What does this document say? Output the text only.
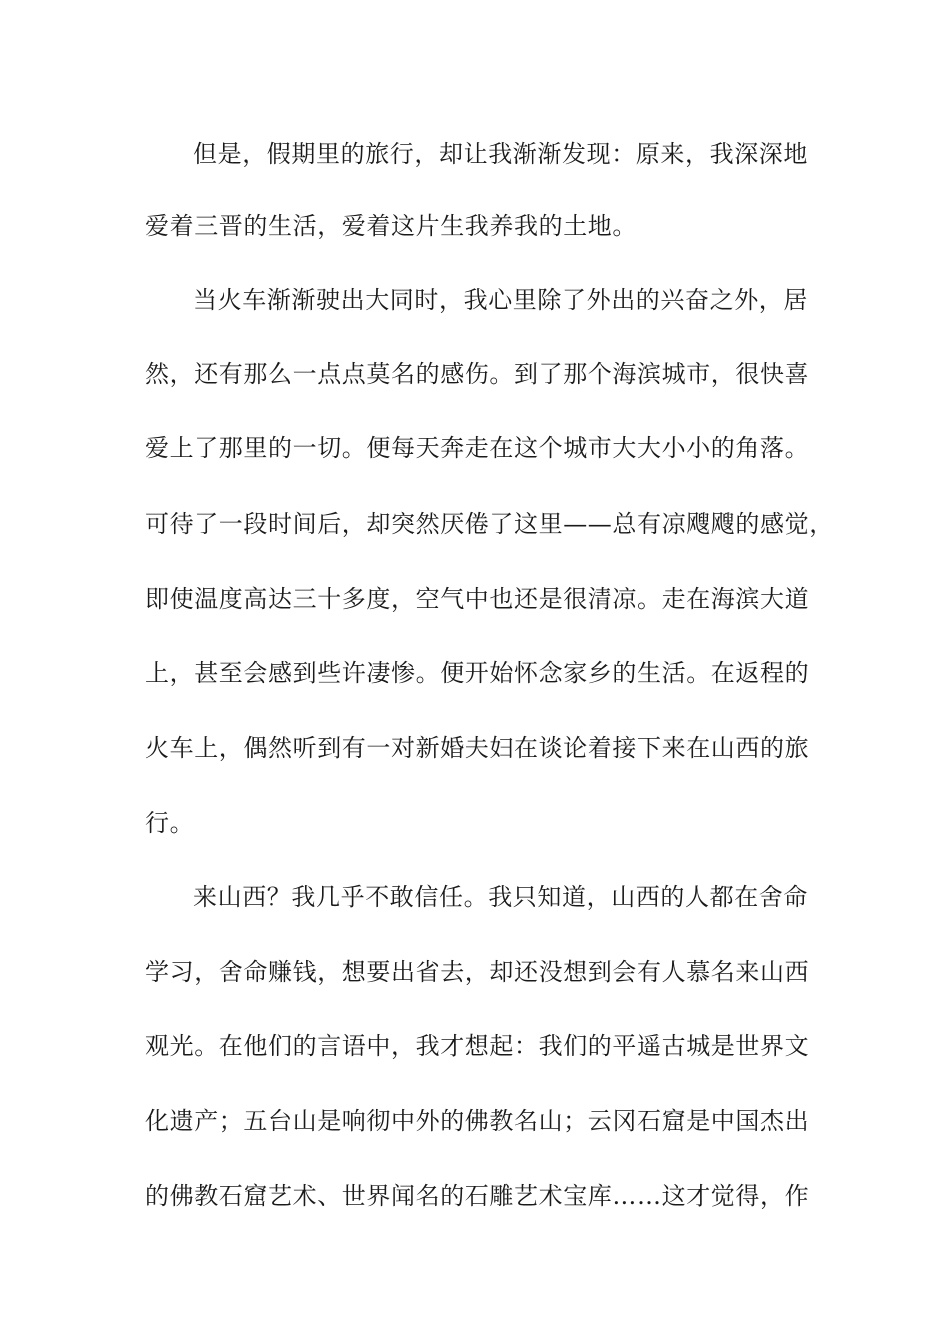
但是，假期里的旅行，却让我渐渐发现：原来，我深深地
爱着三晋的生活，爱着这片生我养我的土地。
当火车渐渐驶出大同时，我心里除了外出的兴奋之外，居
然，还有那么一点点莫名的感伤。到了那个海滨城市，很快喜
爱上了那里的一切。便每天奔走在这个城市大大小小的角落。
可待了一段时间后，却突然厌倦了这里——总有凉飕飕的感觉，
即使温度高达三十多度，空气中也还是很清凉。走在海滨大道
上，甚至会感到些许凄惨。便开始怀念家乡的生活。在返程的
火车上，偶然听到有一对新婚夫妇在谈论着接下来在山西的旅
行。
来山西？我几乎不敢信任。我只知道，山西的人都在舍命
学习，舍命赚钱，想要出省去，却还没想到会有人慕名来山西
观光。在他们的言语中，我才想起：我们的平遥古城是世界文
化遗产；五台山是响彻中外的佛教名山；云冈石窟是中国杰出
的佛教石窟艺术、世界闻名的石雕艺术宝库……这才觉得，作
